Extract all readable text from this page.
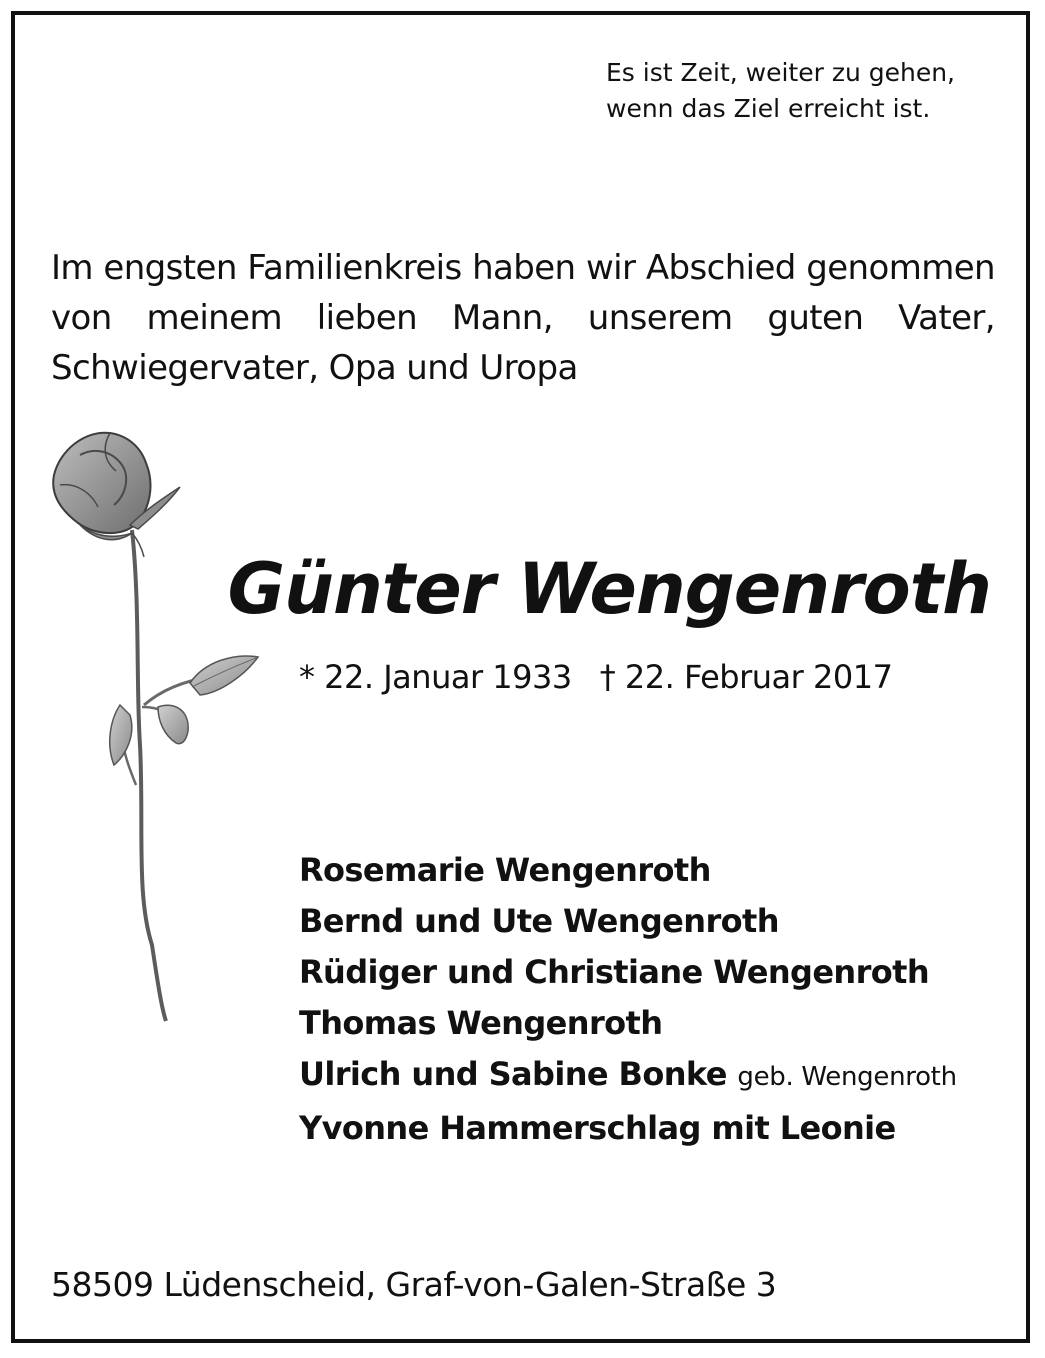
Es ist Zeit, weiter zu gehen,
wenn das Ziel erreicht ist.
Im engsten Familienkreis haben wir Abschied genommen von meinem lieben Mann, unserem guten Vater, Schwiegervater, Opa und Uropa
Günter Wengenroth
* 22. Januar 1933 † 22. Februar 2017
Rosemarie Wengenroth
Bernd und Ute Wengenroth
Rüdiger und Christiane Wengenroth
Thomas Wengenroth
Ulrich und Sabine Bonke geb. Wengenroth
Yvonne Hammerschlag mit Leonie
58509 Lüdenscheid, Graf-von-Galen-Straße 3
